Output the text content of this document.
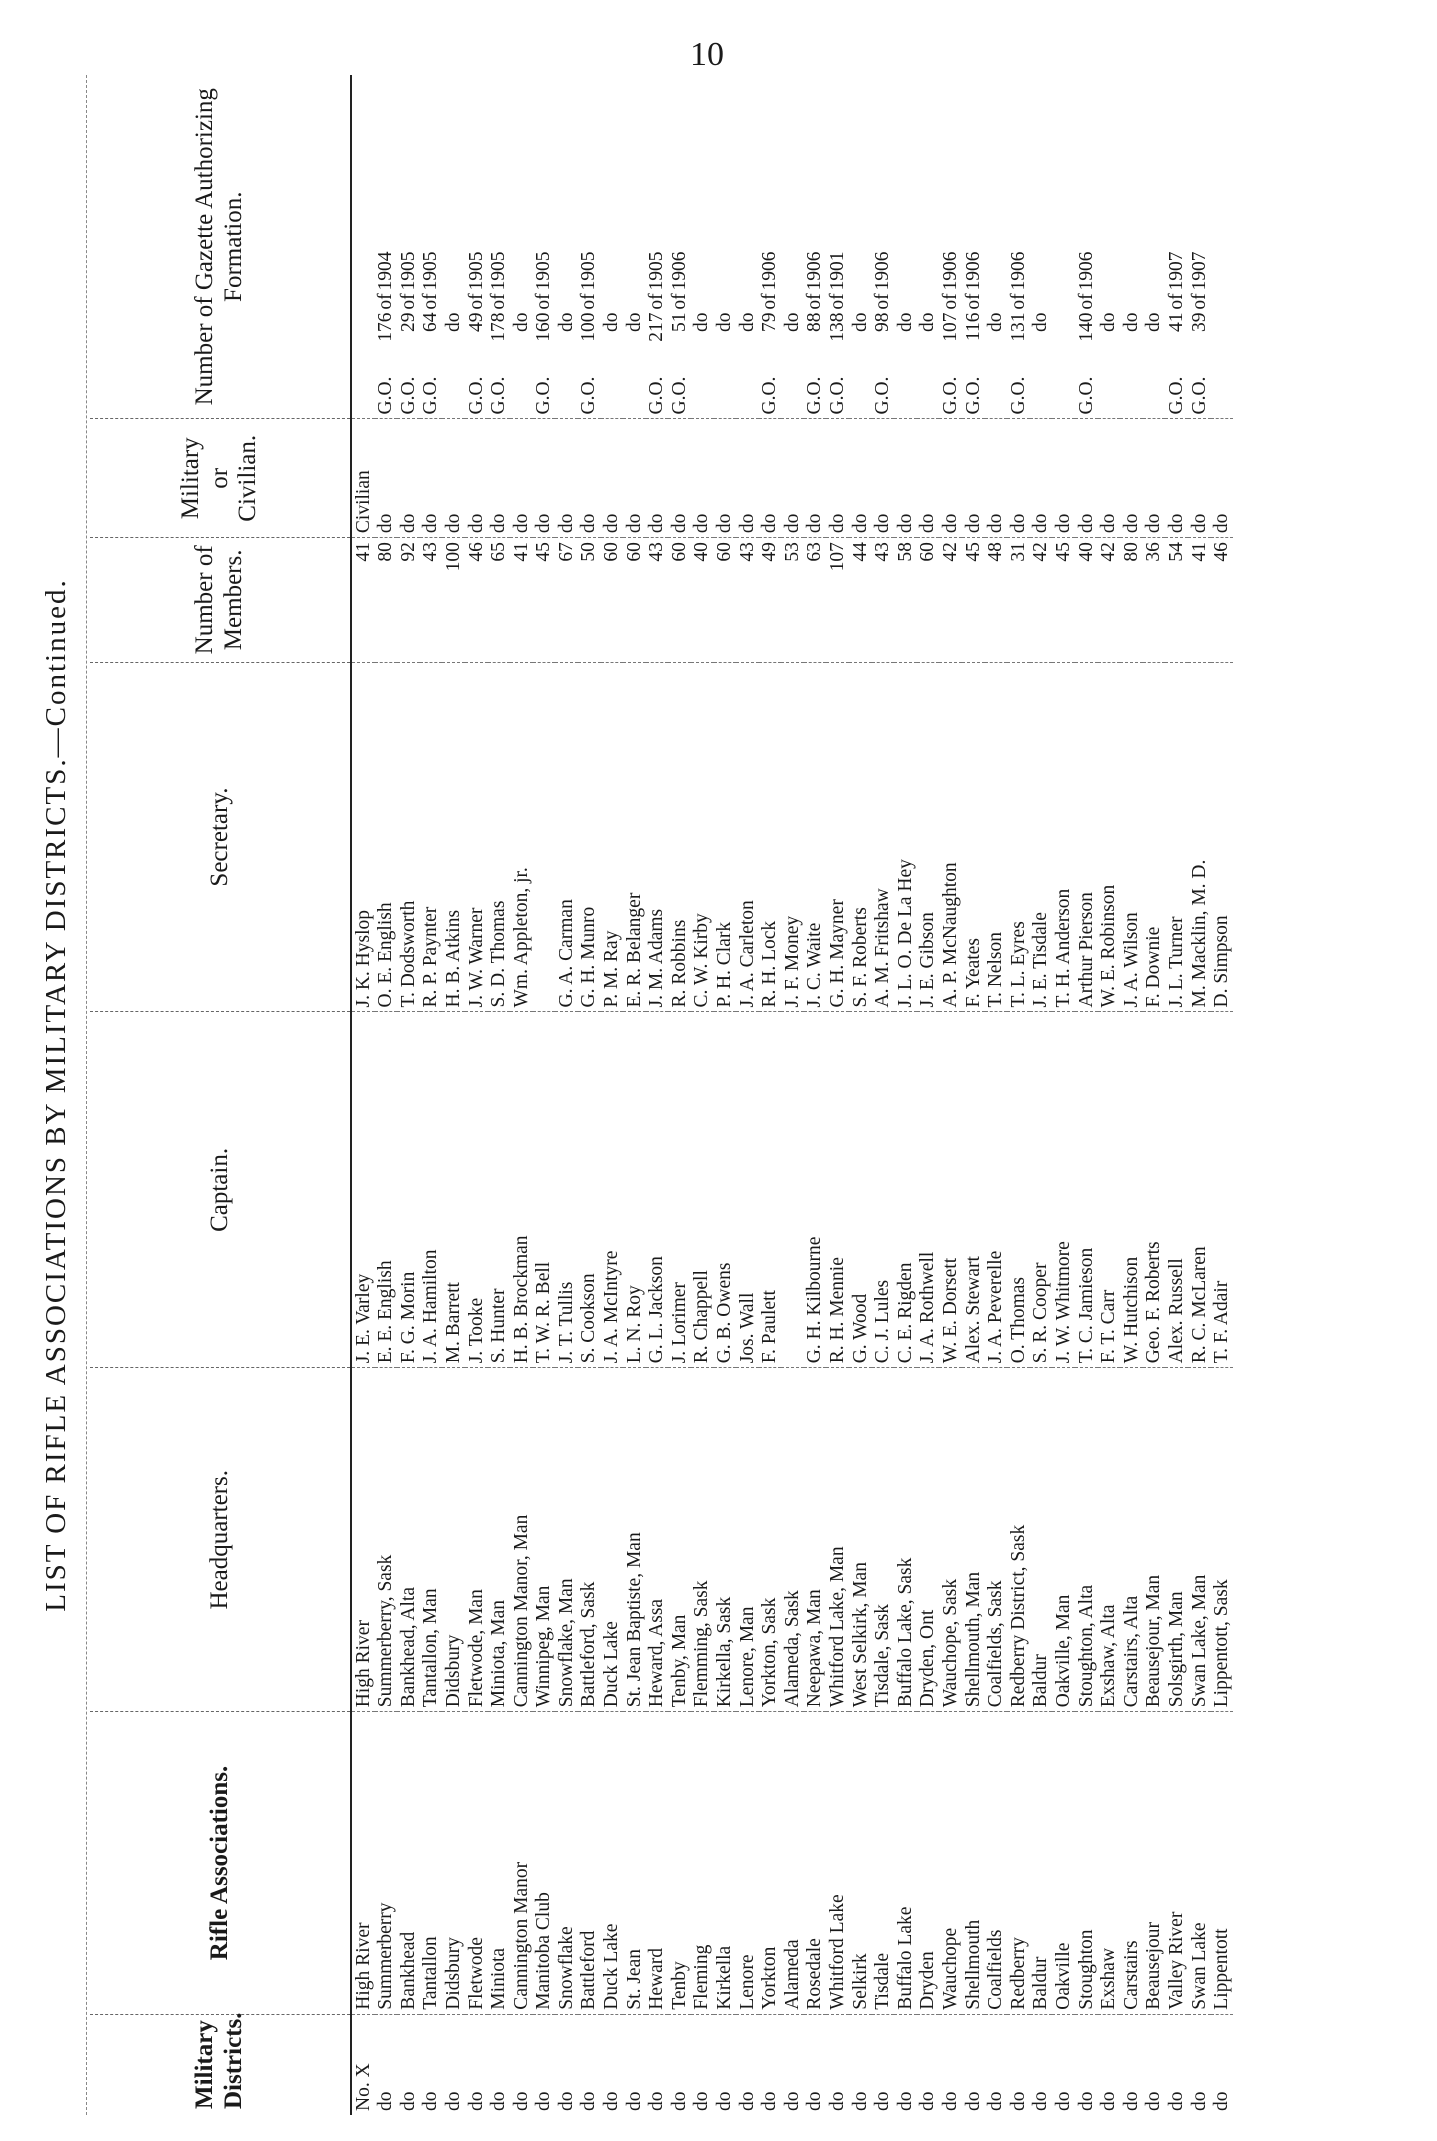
10
LIST OF RIFLE ASSOCIATIONS BY MILITARY DISTRICTS.—Continued.
Military Districts.	Rifle Associations.	Headquarters.	Captain.	Secretary.	Number of Members.	Military or Civilian.	Number of Gazette Authorizing Formation.
No. X	High River	High River	J. E. Varley	J. K. Hyslop	41	Civilian	
do	Summerberry	Summerberry, Sask	E. E. English	O. E. English	80	do	G.O.176of1904
do	Bankhead	Bankhead, Alta	F. G. Morin	T. Dodsworth	92	do	G.O.29of1905
do	Tantallon	Tantallon, Man	J. A. Hamilton	R. P. Paynter	43	do	G.O.64of1905
do	Didsbury	Didsbury	M. Barrett	H. B. Atkins	100	do	do
do	Fletwode	Fletwode, Man	J. Tooke	J. W. Warner	46	do	G.O.49of1905
do	Miniota	Miniota, Man	S. Hunter	S. D. Thomas	65	do	G.O.178of1905
do	Cannington Manor	Cannington Manor, Man	H. B. Brockman	Wm. Appleton, jr.	41	do	do
do	Manitoba Club	Winnipeg, Man	T. W. R. Bell		45	do	G.O.160of1905
do	Snowflake	Snowflake, Man	J. T. Tullis	G. A. Carman	67	do	do
do	Battleford	Battleford, Sask	S. Cookson	G. H. Munro	50	do	G.O.100of1905
do	Duck Lake	Duck Lake	J. A. McIntyre	P. M. Ray	60	do	do
do	St. Jean	St. Jean Baptiste, Man	L. N. Roy	E. R. Belanger	60	do	do
do	Heward	Heward, Assa	G. L. Jackson	J. M. Adams	43	do	G.O.217of1905
do	Tenby	Tenby, Man	J. Lorimer	R. Robbins	60	do	G.O.51of1906
do	Fleming	Flemming, Sask	R. Chappell	C. W. Kirby	40	do	do
do	Kirkella	Kirkella, Sask	G. B. Owens	P. H. Clark	60	do	do
do	Lenore	Lenore, Man	Jos. Wall	J. A. Carleton	43	do	do
do	Yorkton	Yorkton, Sask	F. Paulett	R. H. Lock	49	do	G.O.79of1906
do	Alameda	Alameda, Sask		J. F. Money	53	do	do
do	Rosedale	Neepawa, Man	G. H. Kilbourne	J. C. Waite	63	do	G.O.88of1906
do	Whitford Lake	Whitford Lake, Man	R. H. Mennie	G. H. Mayner	107	do	G.O.138of1901
do	Selkirk	West Selkirk, Man	G. Wood	S. F. Roberts	44	do	do
do	Tisdale	Tisdale, Sask	C. J. Lules	A. M. Fritshaw	43	do	G.O.98of1906
do	Buffalo Lake	Buffalo Lake, Sask	C. E. Rigden	J. L. O. De La Hey	58	do	do
do	Dryden	Dryden, Ont	J. A. Rothwell	J. E. Gibson	60	do	do
do	Wauchope	Wauchope, Sask	W. E. Dorsett	A. P. McNaughton	42	do	G.O.107of1906
do	Shellmouth	Shellmouth, Man	Alex. Stewart	F. Yeates	45	do	G.O.116of1906
do	Coalfields	Coalfields, Sask	J. A. Peverelle	T. Nelson	48	do	do
do	Redberry	Redberry District, Sask	O. Thomas	T. L. Eyres	31	do	G.O.131of1906
do	Baldur	Baldur	S. R. Cooper	J. E. Tisdale	42	do	do
do	Oakville	Oakville, Man	J. W. Whitmore	T. H. Anderson	45	do	
do	Stoughton	Stoughton, Alta	T. C. Jamieson	Arthur Pierson	40	do	G.O.140of1906
do	Exshaw	Exshaw, Alta	F. T. Carr	W. E. Robinson	42	do	do
do	Carstairs	Carstairs, Alta	W. Hutchison	J. A. Wilson	80	do	do
do	Beausejour	Beausejour, Man	Geo. F. Roberts	F. Downie	36	do	do
do	Valley River	Solsgirth, Man	Alex. Russell	J. L. Turner	54	do	G.O.41of1907
do	Swan Lake	Swan Lake, Man	R. C. McLaren	M. Macklin, M. D.	41	do	G.O.39of1907
do	Lippentott	Lippentott, Sask	T. F. Adair	D. Simpson	46	do	
